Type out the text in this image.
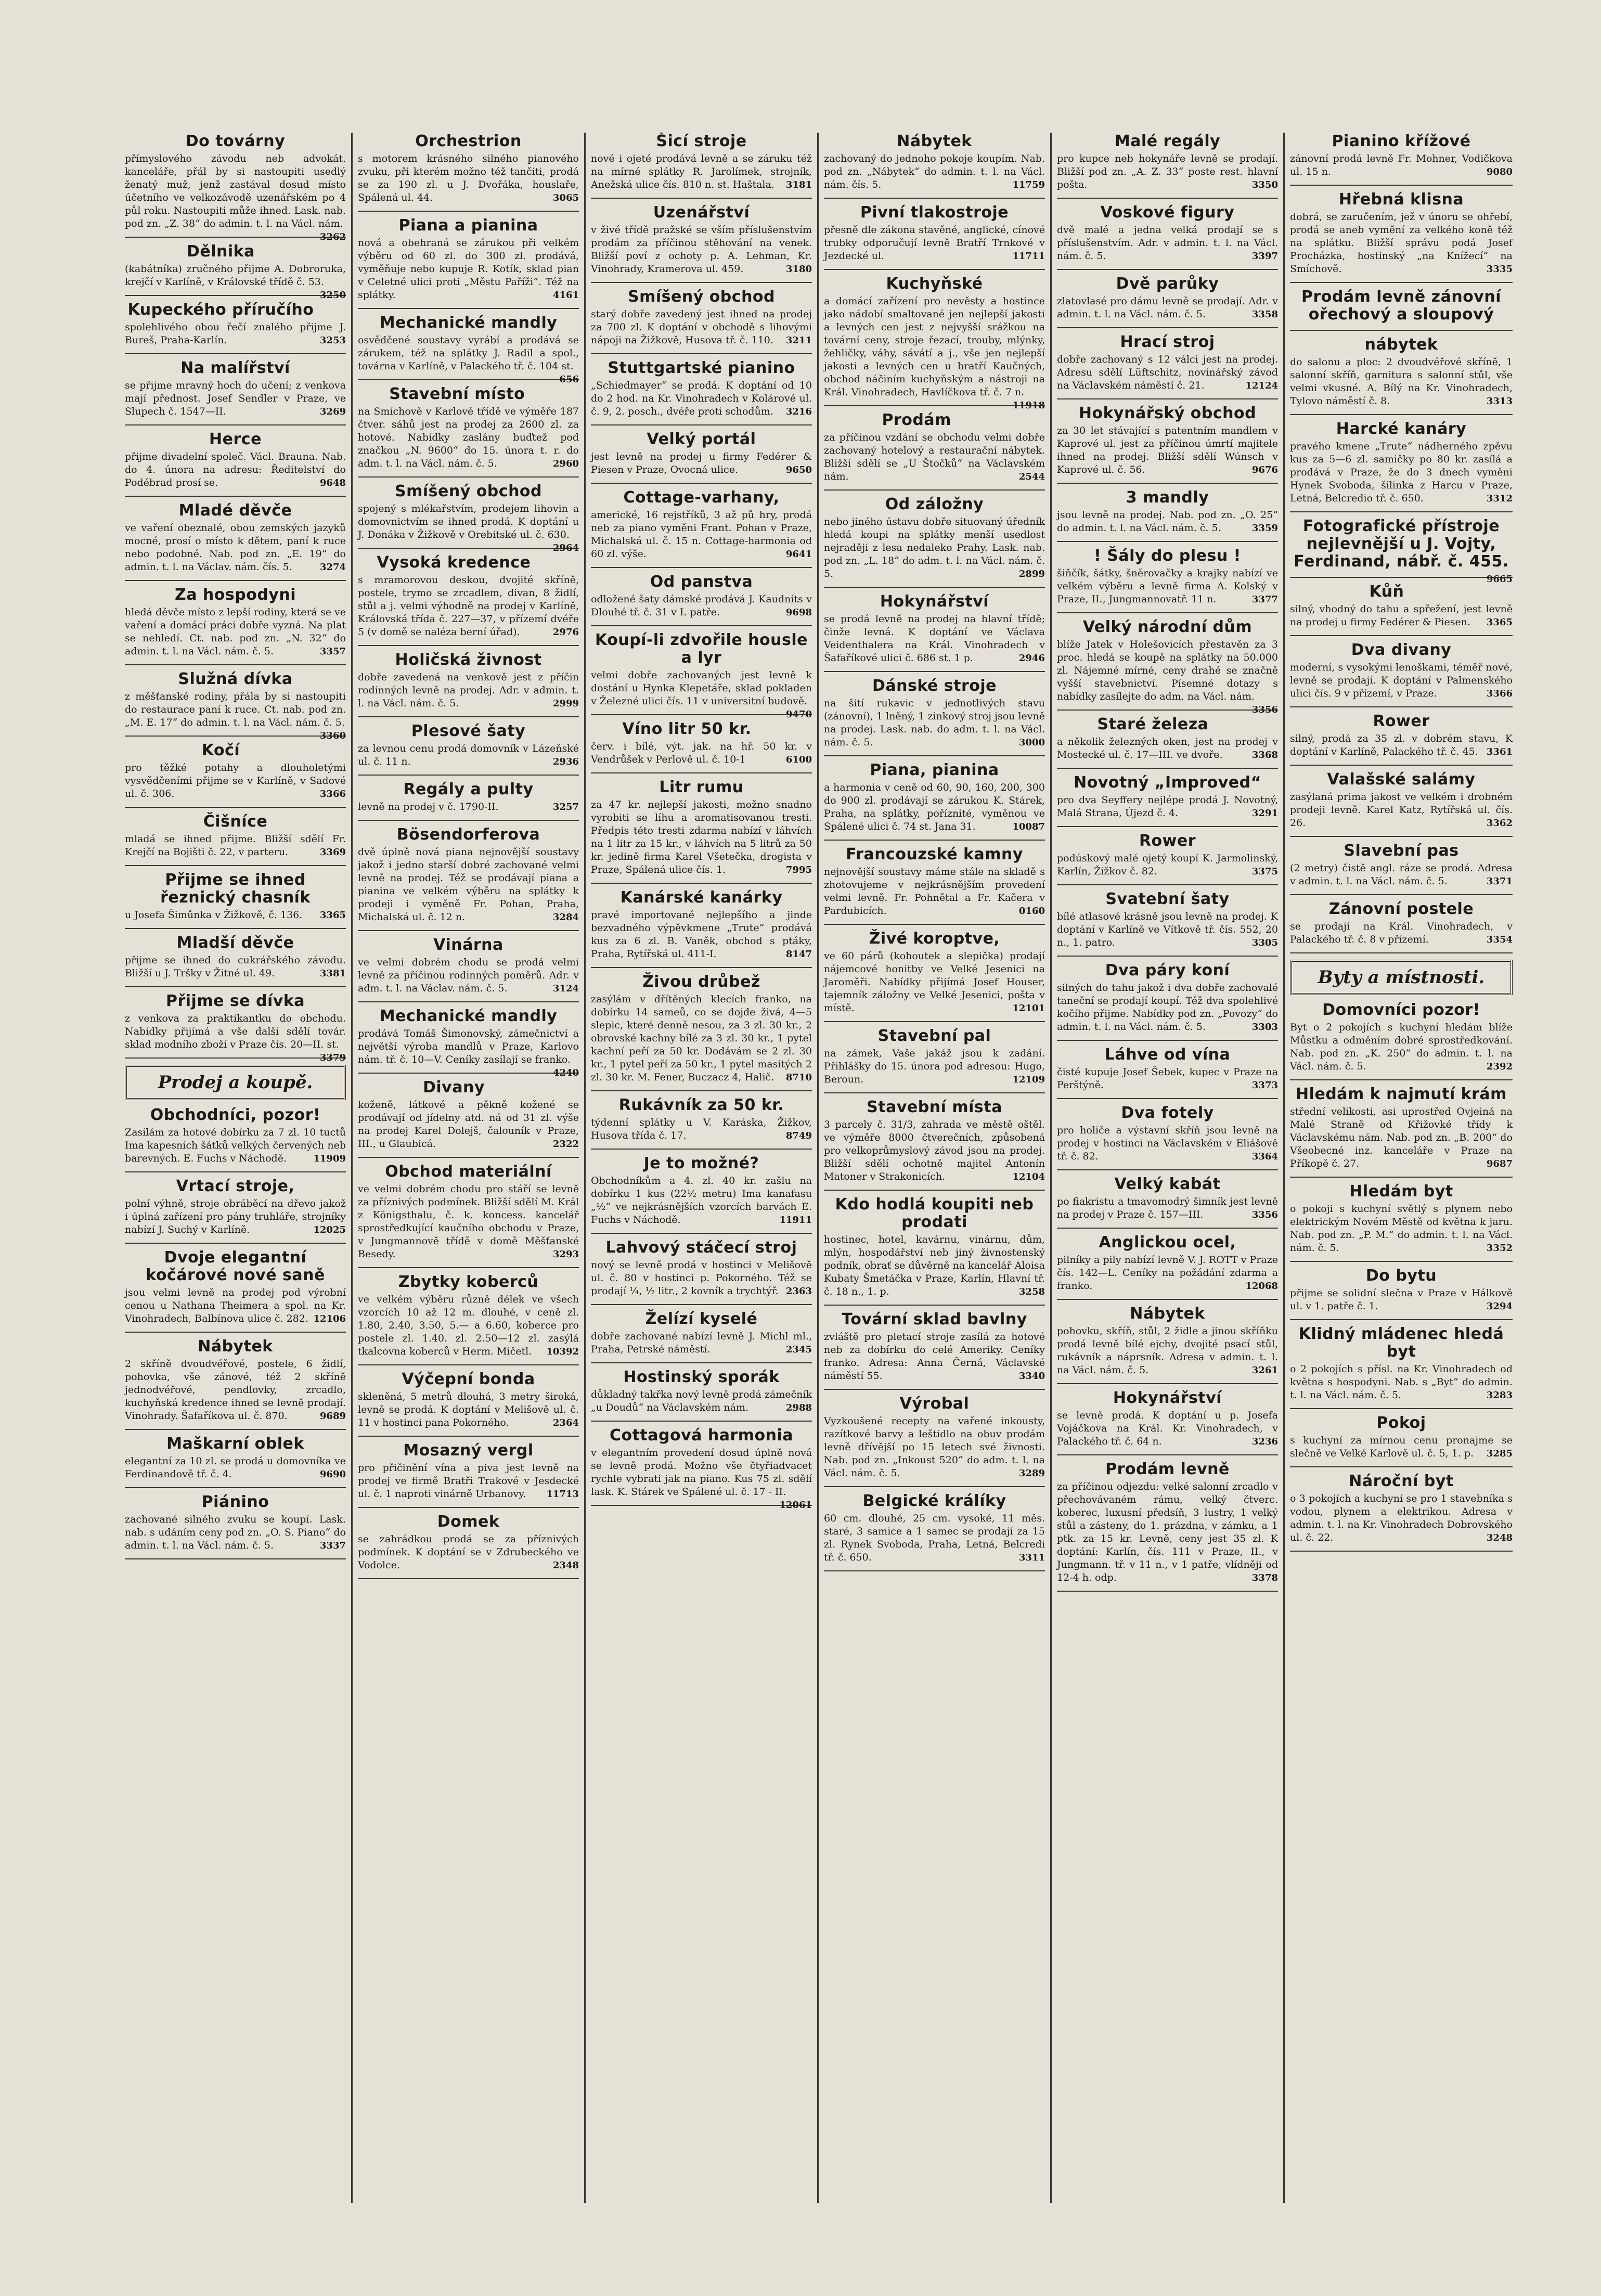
Do továrny

přímyslového závodu neb advokát. kanceláře, přál by si nastoupiti usedlý ženatý muž, jenž zastával dosud místo účetního ve velkozávodě uzenářském po 4 půl roku. Nastoupiti může ihned. Lask. nab. pod zn. „Z. 38“ do admin. t. l. na Václ. nám.
3262

Dělnika

(kabátníka) zručného přijme A. Dobroruka, krejčí v Karlíně, v Královské třídě č. 53.
3250

Kupeckého příručího

spolehlivého obou řečí znalého přijme J. Bureš, Praha-Karlín.	3253

Na malířství

se přijme mravný hoch do učení; z venkova mají přednost. Josef Sendler v Praze, ve Slupech č. 1547—II.	3269

Herce

přijme divadelní společ. Václ. Brauna. Nab. do 4. února na adresu: Ředitelství do Podébrad prosí se.	9648

Mladé děvče

ve vaření obeznalé, obou zemských jazyků mocné, prosí o místo k dětem, paní k ruce nebo podobné. Nab. pod zn. „E. 19“ do admin. t. l. na Václav. nám. čís. 5.	3274

Za hospodyni

hledá děvče místo z lepší rodiny, která se ve vaření a domácí práci dobře vyzná. Na plat se nehledí. Ct. nab. pod zn. „N. 32“ do admin. t. l. na Václ. nám. č. 5.	3357

Služná dívka

z měšťanské rodiny, přála by si nastoupiti do restaurace paní k ruce. Ct. nab. pod zn. „M. E. 17“ do admin. t. l. na Václ. nám. č. 5.
3360

Kočí

pro těžké potahy a dlouholetými vysvědčeními přijme se v Karlíně, v Sadové ul. č. 306.	3366

Čišníce

mladá se ihned přijme. Bližší sdělí Fr. Krejčí na Bojišti č. 22, v parteru.	3369

Přijme se ihned řeznický chasník

u Josefa Šimůnka v Žižkově, č. 136. 3365

Mladší děvče

přijme se ihned do cukrářského závodu. Bližší u J. Tršky v Žitné ul. 49.	3381

Přijme se dívka

z venkova za praktikantku do obchodu. Nabídky přijímá a vše další sdělí továr. sklad modního zboží v Praze čís. 20—II. st.
3379

Prodej a koupě.
Obchodníci, pozor!

Zasílám za hotové dobírku za 7 zl. 10 tuctů Ima kapesních šátků velkých červených neb barevných. E. Fuchs v Náchodě.	11909

Vrtací stroje,

polní výhně, stroje obráběcí na dřevo jakož i úplná zařízení pro pány truhláře, strojníky nabízí J. Suchý v Karlíně.	12025

Dvoje elegantní kočárové nové saně

jsou velmi levně na prodej pod výrobní cenou u Nathana Theimera a spol. na Kr. Vinohradech, Balbínova ulice č. 282. 12106

Nábytek

2 skříně dvoudvéřové, postele, 6 židlí, pohovka, vše zánové, též 2 skříně jednodvéřové, pendlovky, zrcadlo, kuchyňská kredence ihned se levně prodají. Vinohrady. Šafaříkova ul. č. 870.	9689

Maškarní oblek

elegantní za 10 zl. se prodá u domovníka ve Ferdinandově tř. č. 4.	9690

Piánino

zachované silného zvuku se koupí. Lask. nab. s udáním ceny pod zn. „O. S. Piano“ do admin. t. l. na Václ. nám. č. 5.	3337

Orchestrion

s motorem krásného silného pianového zvuku, při kterém možno též tančiti, prodá se za 190 zl. u J. Dvořáka, houslaře, Spálená ul. 44.	3065

Piana a pianina

nová a obehraná se zárukou při velkém výběru od 60 zl. do 300 zl. prodává, vyměňuje nebo kupuje R. Kotík, sklad pian v Celetné ulici proti „Městu Paříži“. Též na splátky.	4161

Mechanické mandly

osvědčené soustavy vyrábí a prodává se zárukem, též na splátky J. Radil a spol., továrna v Karlíně, v Palackého tř. č. 104 st.
656

Stavební místo

na Smíchově v Karlově třídě ve výměře 187 čtver. sáhů jest na prodej za 2600 zl. za hotové. Nabídky zaslány buďtež pod značkou „N. 9600“ do 15. února t. r. do adm. t. l. na Václ. nám. č. 5.	2960

Smíšený obchod

spojený s mlékařstvím, prodejem lihovin a domovnictvím se ihned prodá. K doptání u J. Donáka v Žižkově v Orebitské ul. č. 630.
2964

Vysoká kredence

s mramorovou deskou, dvojité skříně, postele, trymo se zrcadlem, divan, 8 židlí, stůl a j. velmi výhodně na prodej v Karlíně, Královská třída č. 227—37, v přízemí dvéře 5 (v domě se naléza berní úřad).	2976

Holičská živnost

dobře zavedená na venkově jest z příčin rodinných levně na prodej. Adr. v admin. t. l. na Václ. nám. č. 5.	2999

Plesové šaty

za levnou cenu prodá domovník v Lázeňské ul. č. 11 n.	2936

Regály a pulty

levně na prodej v č. 1790-II.	3257

Bösendorferova

dvě úplně nová piana nejnovější soustavy jakož i jedno starší dobré zachované velmi levně na prodej. Též se prodávají piana a pianina ve velkém výběru na splátky k prodeji i vyměně Fr. Pohan, Praha, Michalská ul. č. 12 n.	3284

Vinárna

ve velmi dobrém chodu se prodá velmi levně za příčinou rodinných poměrů. Adr. v adm. t. l. na Václav. nám. č. 5.	3124

Mechanické mandly

prodává Tomáš Šimonovský, zámečnictví a největší výroba mandlů v Praze, Karlovo nám. tř. č. 10—V. Ceníky zasílají se franko.
4240

Divany

koženě, látkové a pěkně kožené se prodávají od jídelny atd. ná od 31 zl. výše na prodej Karel Dolejš, čalouník v Praze, III., u Glaubicá.	2322

Obchod materiální

ve velmi dobrém chodu pro stáří se levně za příznivých podmínek. Bližší sdělí M. Král z Königsthalu, č. k. koncess. kancelář sprostředkující kaučního obchodu v Praze, v Jungmannově třídě v domě Měšťanské Besedy.	3293

Zbytky koberců

ve velkém výběru různě délek ve všech vzorcích 10 až 12 m. dlouhé, v ceně zl. 1.80, 2.40, 3.50, 5.— a 6.60, koberce pro postele zl. 1.40. zl. 2.50—12 zl. zasýlá tkalcovna koberců v Herm. Mičetl. 10392

Výčepní bonda

skleněná, 5 metrů dlouhá, 3 metry široká, levně se prodá. K doptání v Melišově ul. č. 11 v hostinci pana Pokorného.	2364

Mosazný vergl

pro přičinění vína a piva jest levně na prodej ve firmě Bratři Trakové v Jesdecké ul. č. 1 naproti vinárně Urbanovy. 11713

Domek

se zahrádkou prodá se za příznivých podmínek. K doptání se v Zdrubeckého ve Vodolce.	2348

Šicí stroje

nové i ojeté prodává levně a se záruku též na mírné splátky R. Jarolímek, strojník, Anežská ulice čís. 810 n. st. Haštala. 3181

Uzenářství

v živé třídě pražské se vším příslušenstvím prodám za příčinou stěhování na venek. Bližší poví z ochoty p. A. Lehman, Kr. Vinohrady, Kramerova ul. 459.	3180

Smíšený obchod

starý dobře zavedený jest ihned na prodej za 700 zl. K doptání v obchodě s lihovými nápoji na Žižkově, Husova tř. č. 110. 3211

Stuttgartské pianino

„Schiedmayer“ se prodá. K doptání od 10 do 2 hod. na Kr. Vinohradech v Kolárové ul. č. 9, 2. posch., dvéře proti schodům. 3216

Velký portál

jest levně na prodej u firmy Fedérer & Piesen v Praze, Ovocná ulice.	9650

Cottage-varhany,

americké, 16 rejstříků, 3 až pů hry, prodá neb za piano vyměni Frant. Pohan v Praze, Michalská ul. č. 15 n. Cottage-harmonia od 60 zl. výše.	9641

Od panstva

odložené šaty dámské prodává J. Kaudnits v Dlouhé tř. č. 31 v I. patře.	9698

Koupí-li zdvořile housle a lyr

velmi dobře zachovaných jest levně k dostání u Hynka Klepetáře, sklad pokladen v Železné ulici čís. 11 v universitní budově.
9470

Víno litr 50 kr.

červ. i bílé, výt. jak. na hř. 50 kr. v Vendrůšek v Perlově ul. č. 10-1	6100

Litr rumu

za 47 kr. nejlepší jakosti, možno snadno vyrobiti se líhu a aromatisovanou tresti. Předpis této tresti zdarma nabízí v láhvích na 1 litr za 15 kr., v láhvích na 5 litrů za 50 kr. jedině firma Karel Všetečka, drogista v Praze, Spálená ulice čís. 1.	7995

Kanárské kanárky

pravé importované nejlepšího a jinde bezvadného výpěvkmene „Trute“ prodává kus za 6 zl. B. Vaněk, obchod s ptáky, Praha, Rytířská ul. 411-I.	8147

Živou drůbež

zasýlám v dřítěných klecích franko, na dobírku 14 sameů, co se dojde živá, 4—5 slepic, které denně nesou, za 3 zl. 30 kr., 2 obrovské kachny bílé za 3 zl. 30 kr., 1 pytel kachní peří za 50 kr. Dodávám se 2 zl. 30 kr., 1 pytel peří za 50 kr., 1 pytel masitých 2 zl. 30 kr. M. Fener, Buczacz 4, Halič. 8710

Rukávník za 50 kr.

týdenní splátky u V. Karáska, Žižkov, Husova třída č. 17.	8749

Je to možné?

Obchodníkům a 4. zl. 40 kr. zašlu na dobírku 1 kus (22½ metru) Ima kanafasu „½“ ve nejkrásnějších vzorcích barvách E. Fuchs v Náchodě.	11911

Lahvový stáčecí stroj

nový se levně prodá v hostinci v Melišově ul. č. 80 v hostinci p. Pokorného. Též se prodají ¼, ½ litr., 2 kovník a trychtýř. 2363

Želízí kyselé

dobře zachované nabízí levně J. Michl ml., Praha, Petrské náměstí.	2345

Hostinský sporák

důkladný takřka nový levně prodá zámečník „u Doudů“ na Václavském nám.	2988

Cottagová harmonia

v elegantním provedení dosud úplně nová se levně prodá. Možno vše čtyřiadvacet rychle vybrati jak na piano. Kus 75 zl. sdělí lask. K. Stárek ve Spálené ul. č. 17 - II.
12061

Nábytek

zachovaný do jednoho pokoje koupím. Nab. pod zn. „Nábytek“ do admin. t. l. na Václ. nám. čís. 5.	11759

Pivní tlakostroje

přesně dle zákona stavěné, anglické, cínové trubky odporučují levně Bratří Trnkové v Jezdecké ul.	11711

Kuchyňské

a domácí zařízení pro nevěsty a hostince jako nádobí smaltované jen nejlepší jakosti a levných cen jest z nejvyšší srážkou na tovární ceny, stroje řezací, trouby, mlýnky, žehličky, váhy, sávátí a j., vše jen nejlepší jakosti a levných cen u bratří Kaučných, obchod náčiním kuchyňským a nástroji na Král. Vinohradech, Havlíčkova tř. č. 7 n.
11918

Prodám

za příčinou vzdání se obchodu velmi dobře zachovaný hotelový a restaurační nábytek. Bližší sdělí se „U Štočků“ na Václavském nám.	2544

Od záložny

nebo jiného ústavu dobře situovaný úředník hledá koupi na splátky menší usedlost nejraději z lesa nedaleko Prahy. Lask. nab. pod zn. „L. 18“ do adm. t. l. na Václ. nám. č. 5.	2899

Hokynářství

se prodá levně na prodej na hlavní třídě; činže levná. K doptání ve Václava Veidenthalera na Král. Vinohradech v Šafaříkové ulici č. 686 st. 1 p.	2946

Dánské stroje

na šití rukavic v jednotlivých stavu (zánovní), 1 lněný, 1 zinkový stroj jsou levně na prodej. Lask. nab. do adm. t. l. na Václ. nám. č. 5.	3000

Piana, pianina

a harmonia v ceně od 60, 90, 160, 200, 300 do 900 zl. prodávají se zárukou K. Stárek, Praha, na splátky, poříznité, vyměnou ve Spálené ulici č. 74 st. Jana 31.	10087

Francouzské kamny

nejnovější soustavy máme stále na skladě s zhotovujeme v nejkrásnějším provedení velmi levně. Fr. Pohnětal a Fr. Kačera v Pardubicích.	0160

Živé koroptve,

ve 60 párů (kohoutek a slepička) prodají nájemcové honitby ve Velké Jesenici na Jaroměři. Nabídky přijímá Josef Houser, tajemník záložny ve Velké Jesenici, pošta v místě.	12101

Stavební pal

na zámek, Vaše jakáž jsou k zadání. Přihlášky do 15. února pod adresou: Hugo, Beroun.	12109

Stavební místa

3 parcely č. 31/3, zahrada ve městě oštěl. ve výměře 8000 čtverečních, způsobená pro velkoprůmyslový závod jsou na prodej. Bližší sdělí ochotně majitel Antonín Matoner v Strakonicích.	12104

Kdo hodlá koupiti neb prodati

hostinec, hotel, kavárnu, vinárnu, dům, mlýn, hospodářství neb jiný živnostenský podník, obrať se důvěrně na kancelář Aloisa Kubaty Šmetáčka v Praze, Karlín, Hlavní tř. č. 18 n., 1. p.	3258

Tovární sklad bavlny

zvláště pro pletací stroje zasílá za hotové neb za dobírku do celé Ameriky. Ceníky franko. Adresa: Anna Černá, Václavské náměstí 55.	3340

Výrobal

Vyzkoušené recepty na vařené inkousty, razítkové barvy a leštidlo na obuv prodám levně dřívější po 15 letech své živnosti. Nab. pod zn. „Inkoust 520“ do adm. t. l. na Václ. nám. č. 5.	3289

Belgické králíky

60 cm. dlouhé, 25 cm. vysoké, 11 měs. staré, 3 samice a 1 samec se prodají za 15 zl. Rynek Svoboda, Praha, Letná, Belcredi tř. č. 650.	3311

Malé regály

pro kupce neb hokynáře levně se prodají. Bližší pod zn. „A. Z. 33“ poste rest. hlavní pošta.	3350

Voskové figury

dvě malé a jedna velká prodají se s příslušenstvím. Adr. v admin. t. l. na Václ. nám. č. 5.	3397

Dvě parůky

zlatovlasé pro dámu levně se prodají. Adr. v admin. t. l. na Václ. nám. č. 5.	3358

Hrací stroj

dobře zachovaný s 12 válci jest na prodej. Adresu sdělí Lüftschitz, novinářský závod na Václavském náměstí č. 21.	12124

Hokynářský obchod

za 30 let stávající s patentním mandlem v Kaprové ul. jest za příčinou úmrtí majitele ihned na prodej. Bližší sdělí Wúnsch v Kaprové ul. č. 56.	9676

3 mandly

jsou levně na prodej. Nab. pod zn. „O. 25“ do admin. t. l. na Václ. nám. č. 5.	3359

! Šály do plesu !

šiňčík, šátky, šněrovačky a krajky nabízí ve velkém výběru a levně firma A. Kolský v Praze, II., Jungmannovatř. 11 n.	3377

Velký národní dům

blíže Jatek v Holešovicích přestavěn za 3 proc. hledá se koupě na splátky na 50.000 zl. Nájemné mírné, ceny drahé se značně vyšší stavebnictví. Písemné dotazy s nabídky zasílejte do adm. na Václ. nám.
3356

Staré železa

a několik železných oken, jest na prodej v Mostecké ul. č. 17—III. ve dvoře.	3368

Novotný „Improved“

pro dva Seyffery nejlépe prodá J. Novotný, Malá Strana, Újezd č. 4.	3291

Rower

podúskový malé ojetý koupí K. Jarmolinský, Karlín, Žižkov č. 82.	3375

Svatební šaty

bílé atlasové krásně jsou levně na prodej. K doptání v Karlíně ve Vítkově tř. čís. 552, 20 n., 1. patro.	3305

Dva páry koní

silných do tahu jakož i dva dobře zachovalé taneční se prodají koupí. Též dva spolehlivé kočího přijme. Nabídky pod zn. „Povozy“ do admin. t. l. na Václ. nám. č. 5.	3303

Láhve od vína

čisté kupuje Josef Šebek, kupec v Praze na Perštýně.	3373

Dva fotely

pro holiče a výstavní skříň jsou levně na prodej v hostinci na Václavském v Eliášově tř. č. 82.	3364

Velký kabát

po fiakristu a tmavomodrý šimník jest levně na prodej v Praze č. 157—III.	3356

Anglickou ocel,

pilníky a pily nabízí levně V. J. ROTT v Praze čís. 142—L. Ceníky na požádání zdarma a franko.	12068

Nábytek

pohovku, skříň, stůl, 2 židle a jinou skříňku prodá levně bílé ejchy, dvojité psací stůl, rukávník a náprsník. Adresa v admin. t. l. na Václ. nám. č. 5.	3261

Hokynářství

se levně prodá. K doptání u p. Josefa Vojáčkova na Král. Kr. Vinohradech, v Palackého tř. č. 64 n.	3236

Prodám levně

za příčinou odjezdu: velké salonní zrcadlo v přechovávaném rámu, velký čtverc. koberec, luxusní předsíň, 3 lustry, 1 velký stůl a zásteny, do 1. prázdna, v zámku, a 1 ptk. za 15 kr. Levně, ceny jest 35 zl. K doptání: Karlín, čís. 111 v Praze, II., v Jungmann. tř. v 11 n., v 1 patře, vlídněji od 12-4 h. odp.	3378

Pianino křížové

zánovní prodá levně Fr. Mohner, Vodičkova ul. 15 n.	9080

Hřebná klisna

dobrá, se zaručením, jež v únoru se ohřebí, prodá se aneb vymění za velkého koně též na splátku. Bližší správu podá Josef Procházka, hostinský „na Knížecí“ na Smíchově.	3335

Prodám levně zánovní ořechový a sloupový
nábytek

do salonu a ploc: 2 dvoudvéřové skříně, 1 salonní skříň, garnitura s salonní stůl, vše velmi vkusné. A. Bílý na Kr. Vinohradech, Tylovo náměstí č. 8.	3313

Harcké kanáry

pravého kmene „Trute“ nádherného zpěvu kus za 5—6 zl. samičky po 80 kr. zasílá a prodává v Praze, že do 3 dnech vyměni Hynek Svoboda, šilinka z Harcu v Praze, Letná, Belcredio tř. č. 650.	3312

Fotografické přístroje nejlevnější u J. Vojty, Ferdinand, nábř. č. 455.

9665

Kůň

silný, vhodný do tahu a spřežení, jest levně na prodej u firmy Fedérer & Piesen. 3365

Dva divany

moderní, s vysokými lenoškami, téměř nové, levně se prodají. K doptání v Palmenského ulici čís. 9 v přízemí, v Praze.	3366

Rower

silný, prodá za 35 zl. v dobrém stavu, K doptání v Karlíně, Palackého tř. č. 45. 3361

Valašské salámy

zasýlaná prima jakost ve velkém i drobném prodeji levně. Karel Katz, Rytířská ul. čís. 26.	3362

Slavební pas

(2 metry) čistě angl. ráze se prodá. Adresa v admin. t. l. na Václ. nám. č. 5.	3371

Zánovní postele

se prodají na Král. Vinohradech, v Palackého tř. č. 8 v přízemí.	3354

Byty a místnosti.
Domovníci pozor!

Byt o 2 pokojích s kuchyní hledám blíže Můstku a odměním dobré sprostředkování. Nab. pod zn. „K. 250“ do admin. t. l. na Václ. nám. č. 5.	2392

Hledám k najmutí krám

střední velikosti, asi uprostřed Ovjeiná na Malé Straně od Křižovké třídy k Václavskému nám. Nab. pod zn. „B. 200“ do Všeobecné inz. kanceláře v Praze na Příkopě č. 27.	9687

Hledám byt

o pokoji s kuchyní světlý s plynem nebo elektrickým Novém Městě od května k jaru. Nab. pod zn. „P. M.“ do admin. t. l. na Václ. nám. č. 5.	3352

Do bytu

přijme se solidní slečna v Praze v Hálkově ul. v 1. patře č. 1.	3294

Klidný mládenec hledá byt

o 2 pokojích s přísl. na Kr. Vinohradech od května s hospodyni. Nab. s „Byt“ do admin. t. l. na Václ. nám. č. 5.	3283

Pokoj

s kuchyní za mírnou cenu pronajme se slečně ve Velké Karlově ul. č. 5, 1. p. 3285

Nároční byt

o 3 pokojích a kuchyní se pro 1 stavebníka s vodou, plynem a elektrikou. Adresa v admin. t. l. na Kr. Vinohradech Dobrovského ul. č. 22.	3248
